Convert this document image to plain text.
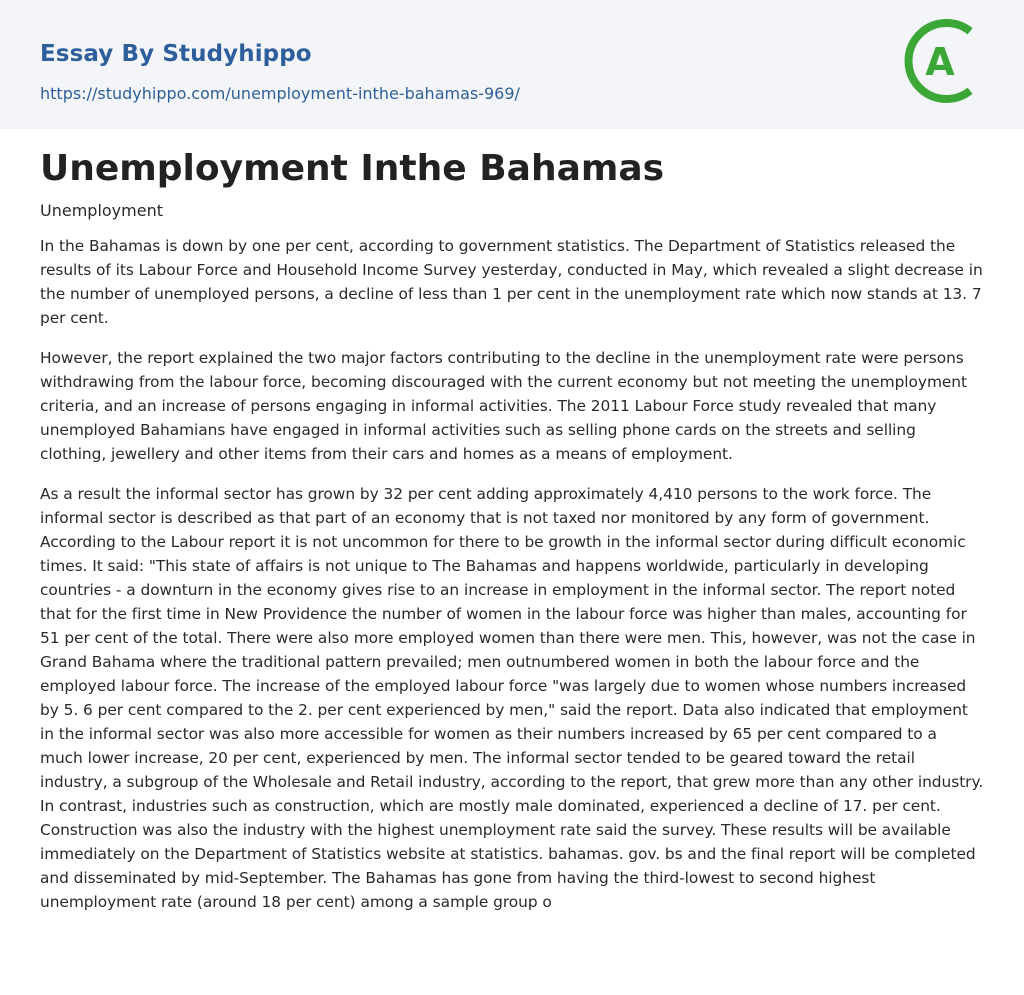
Essay By Studyhippo
https://studyhippo.com/unemployment-inthe-bahamas-969/
A
Unemployment Inthe Bahamas
Unemployment

In the Bahamas is down by one per cent, according to government statistics. The Department of Statistics released the results of its Labour Force and Household Income Survey yesterday, conducted in May, which revealed a slight decrease in the number of unemployed persons, a decline of less than 1 per cent in the unemployment rate which now stands at 13. 7 per cent.

However, the report explained the two major factors contributing to the decline in the unemployment rate were persons withdrawing from the labour force, becoming discouraged with the current economy but not meeting the unemployment criteria, and an increase of persons engaging in informal activities. The 2011 Labour Force study revealed that many unemployed Bahamians have engaged in informal activities such as selling phone cards on the streets and selling clothing, jewellery and other items from their cars and homes as a means of employment.

As a result the informal sector has grown by 32 per cent adding approximately 4,410 persons to the work force. The informal sector is described as that part of an economy that is not taxed nor monitored by any form of government. According to the Labour report it is not uncommon for there to be growth in the informal sector during difficult economic times. It said: "This state of affairs is not unique to The Bahamas and happens worldwide, particularly in developing countries - a downturn in the economy gives rise to an increase in employment in the informal sector. The report noted that for the first time in New Providence the number of women in the labour force was higher than males, accounting for 51 per cent of the total. There were also more employed women than there were men. This, however, was not the case in Grand Bahama where the traditional pattern prevailed; men outnumbered women in both the labour force and the employed labour force. The increase of the employed labour force "was largely due to women whose numbers increased by 5. 6 per cent compared to the 2. per cent experienced by men," said the report. Data also indicated that employment in the informal sector was also more accessible for women as their numbers increased by 65 per cent compared to a much lower increase, 20 per cent, experienced by men. The informal sector tended to be geared toward the retail industry, a subgroup of the Wholesale and Retail industry, according to the report, that grew more than any other industry. In contrast, industries such as construction, which are mostly male dominated, experienced a decline of 17. per cent. Construction was also the industry with the highest unemployment rate said the survey. These results will be available immediately on the Department of Statistics website at statistics. bahamas. gov. bs and the final report will be completed and disseminated by mid-September. The Bahamas has gone from having the third-lowest to second highest unemployment rate (around 18 per cent) among a sample group o
